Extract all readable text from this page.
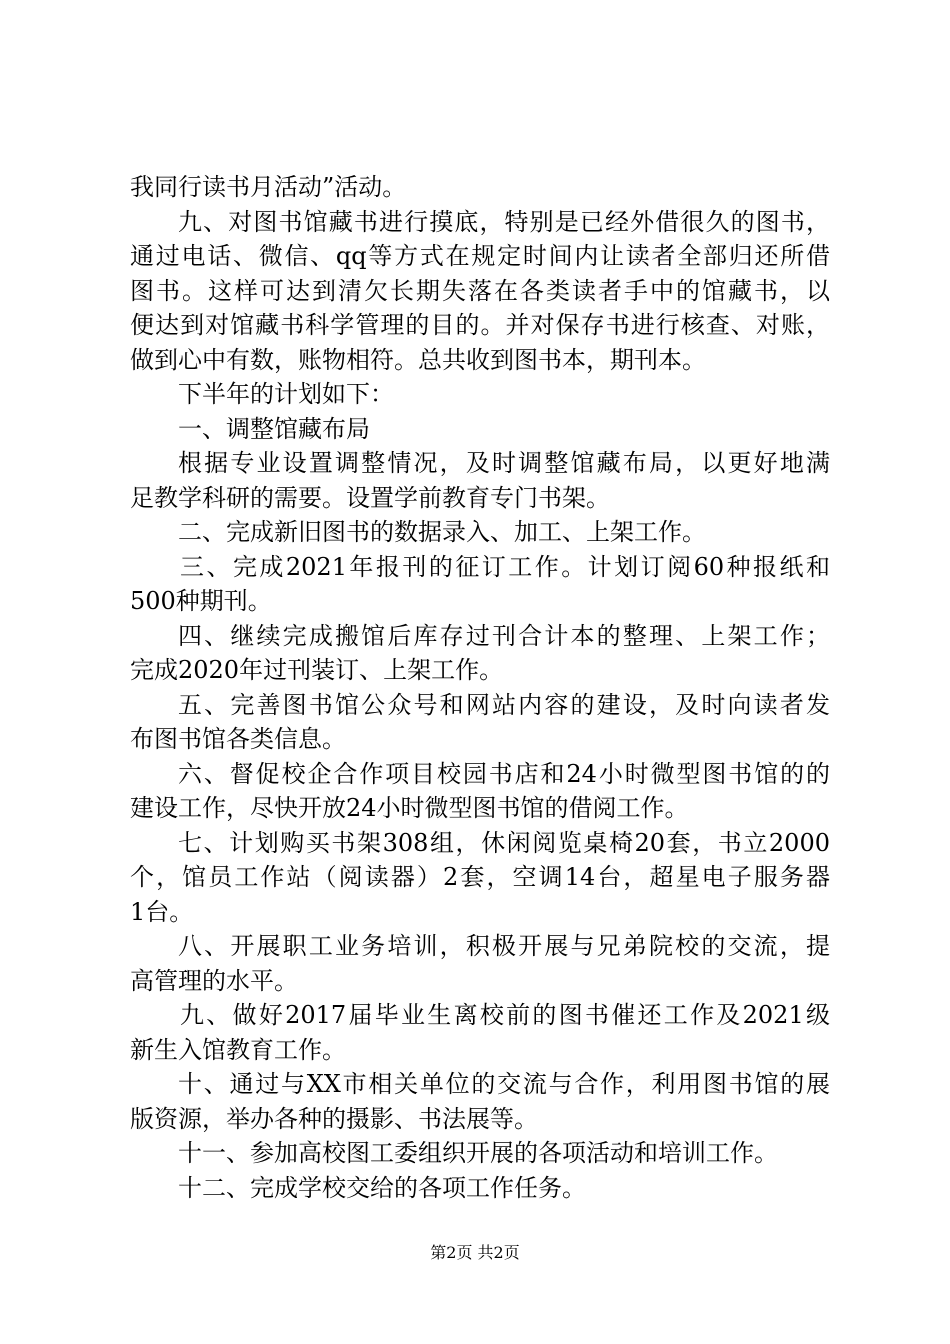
我同行读书月活动”活动。
九、对图书馆藏书进行摸底，特别是已经外借很久的图书，
通过电话、微信、qq等方式在规定时间内让读者全部归还所借
图书。这样可达到清欠长期失落在各类读者手中的馆藏书，以
便达到对馆藏书科学管理的目的。并对保存书进行核查、对账，
做到心中有数，账物相符。总共收到图书本，期刊本。
下半年的计划如下：
一、调整馆藏布局
根据专业设置调整情况，及时调整馆藏布局，以更好地满
足教学科研的需要。设置学前教育专门书架。
二、完成新旧图书的数据录入、加工、上架工作。
三、完成2021年报刊的征订工作。计划订阅60种报纸和
500种期刊。
四、继续完成搬馆后库存过刊合计本的整理、上架工作；
完成2020年过刊装订、上架工作。
五、完善图书馆公众号和网站内容的建设，及时向读者发
布图书馆各类信息。
六、督促校企合作项目校园书店和24小时微型图书馆的的
建设工作，尽快开放24小时微型图书馆的借阅工作。
七、计划购买书架308组，休闲阅览桌椅20套，书立2000
个，馆员工作站（阅读器）2套，空调14台，超星电子服务器
1台。
八、开展职工业务培训，积极开展与兄弟院校的交流，提
高管理的水平。
九、做好2017届毕业生离校前的图书催还工作及2021级
新生入馆教育工作。
十、通过与XX市相关单位的交流与合作，利用图书馆的展
版资源，举办各种的摄影、书法展等。
十一、参加高校图工委组织开展的各项活动和培训工作。
十二、完成学校交给的各项工作任务。
第2页 共2页
